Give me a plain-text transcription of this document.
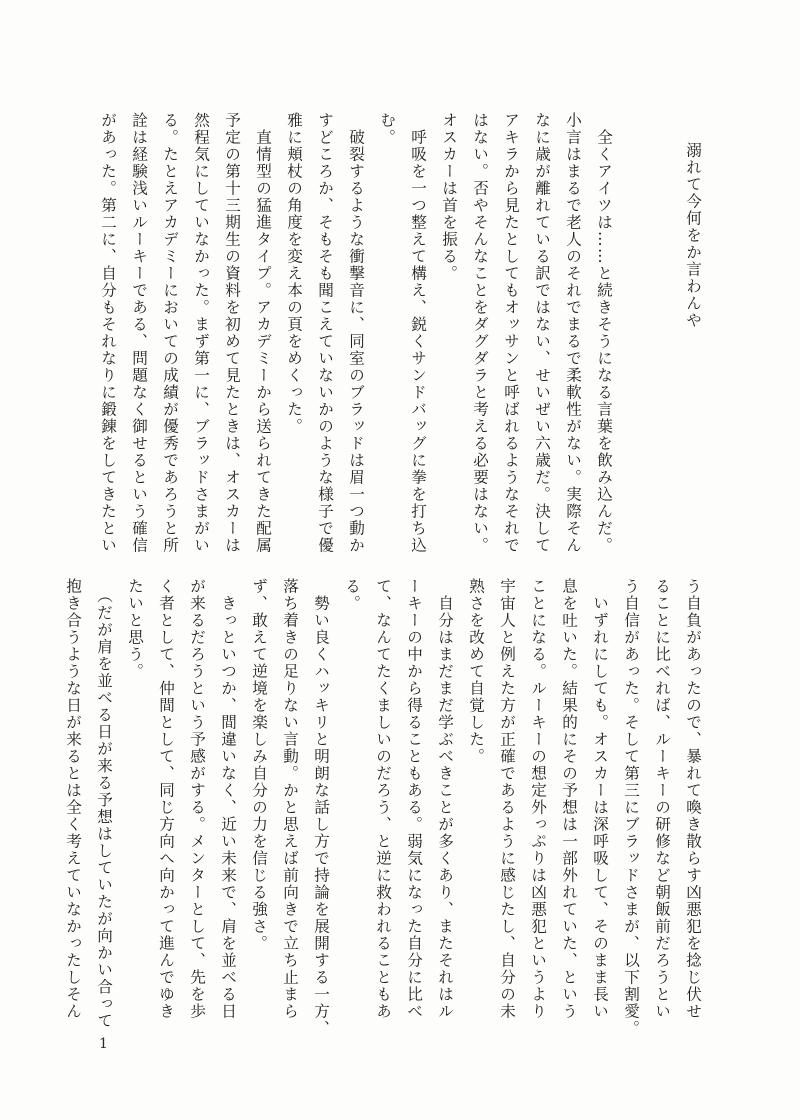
溺れて今何をか言わんや
　全くアイツは……と続きそうになる言葉を飲み込んだ。
小言はまるで老人のそれでまるで柔軟性がない。実際そん
なに歳が離れている訳ではない、せいぜい六歳だ。決して
アキラから見たとしてもオッサンと呼ばれるようなそれで
はない。否やそんなことをダグダラと考える必要はない。
オスカーは首を振る。
　呼吸を一つ整えて構え、鋭くサンドバッグに拳を打ち込
む。
　破裂するような衝撃音に、同室のブラッドは眉一つ動か
すどころか、そもそも聞こえていないかのような様子で優
雅に頬杖の角度を変え本の頁をめくった。
　直情型の猛進タイプ。アカデミーから送られてきた配属
予定の第十三期生の資料を初めて見たときは、オスカーは
然程気にしていなかった。まず第一に、ブラッドさまがい
る。たとえアカデミーにおいての成績が優秀であろうと所
詮は経験浅いルーキーである、問題なく御せるという確信
があった。第二に、自分もそれなりに鍛錬をしてきたとい
う自負があったので、暴れて喚き散らす凶悪犯を捻じ伏せ
ることに比べれば、ルーキーの研修など朝飯前だろうとい
う自信があった。そして第三にブラッドさまが、以下割愛。
　いずれにしても。オスカーは深呼吸して、そのまま長い
息を吐いた。結果的にその予想は一部外れていた、という
ことになる。ルーキーの想定外っぷりは凶悪犯というより
宇宙人と例えた方が正確であるように感じたし、自分の未
熟さを改めて自覚した。
　自分はまだまだ学ぶべきことが多くあり、またそれはル
ーキーの中から得ることもある。弱気になった自分に比べ
て、なんてたくましいのだろう、と逆に救われることもあ
る。
　勢い良くハッキリと明朗な話し方で持論を展開する一方、
落ち着きの足りない言動。かと思えば前向きで立ち止まら
ず、敢えて逆境を楽しみ自分の力を信じる強さ。
　きっといつか、間違いなく、近い未来で、肩を並べる日
が来るだろうという予感がする。メンターとして、先を歩
く者として、仲間として、同じ方向へ向かって進んでゆき
たいと思う。
　（だが肩を並べる日が来る予想はしていたが向かい合って
抱き合うような日が来るとは全く考えていなかったしそん
1
